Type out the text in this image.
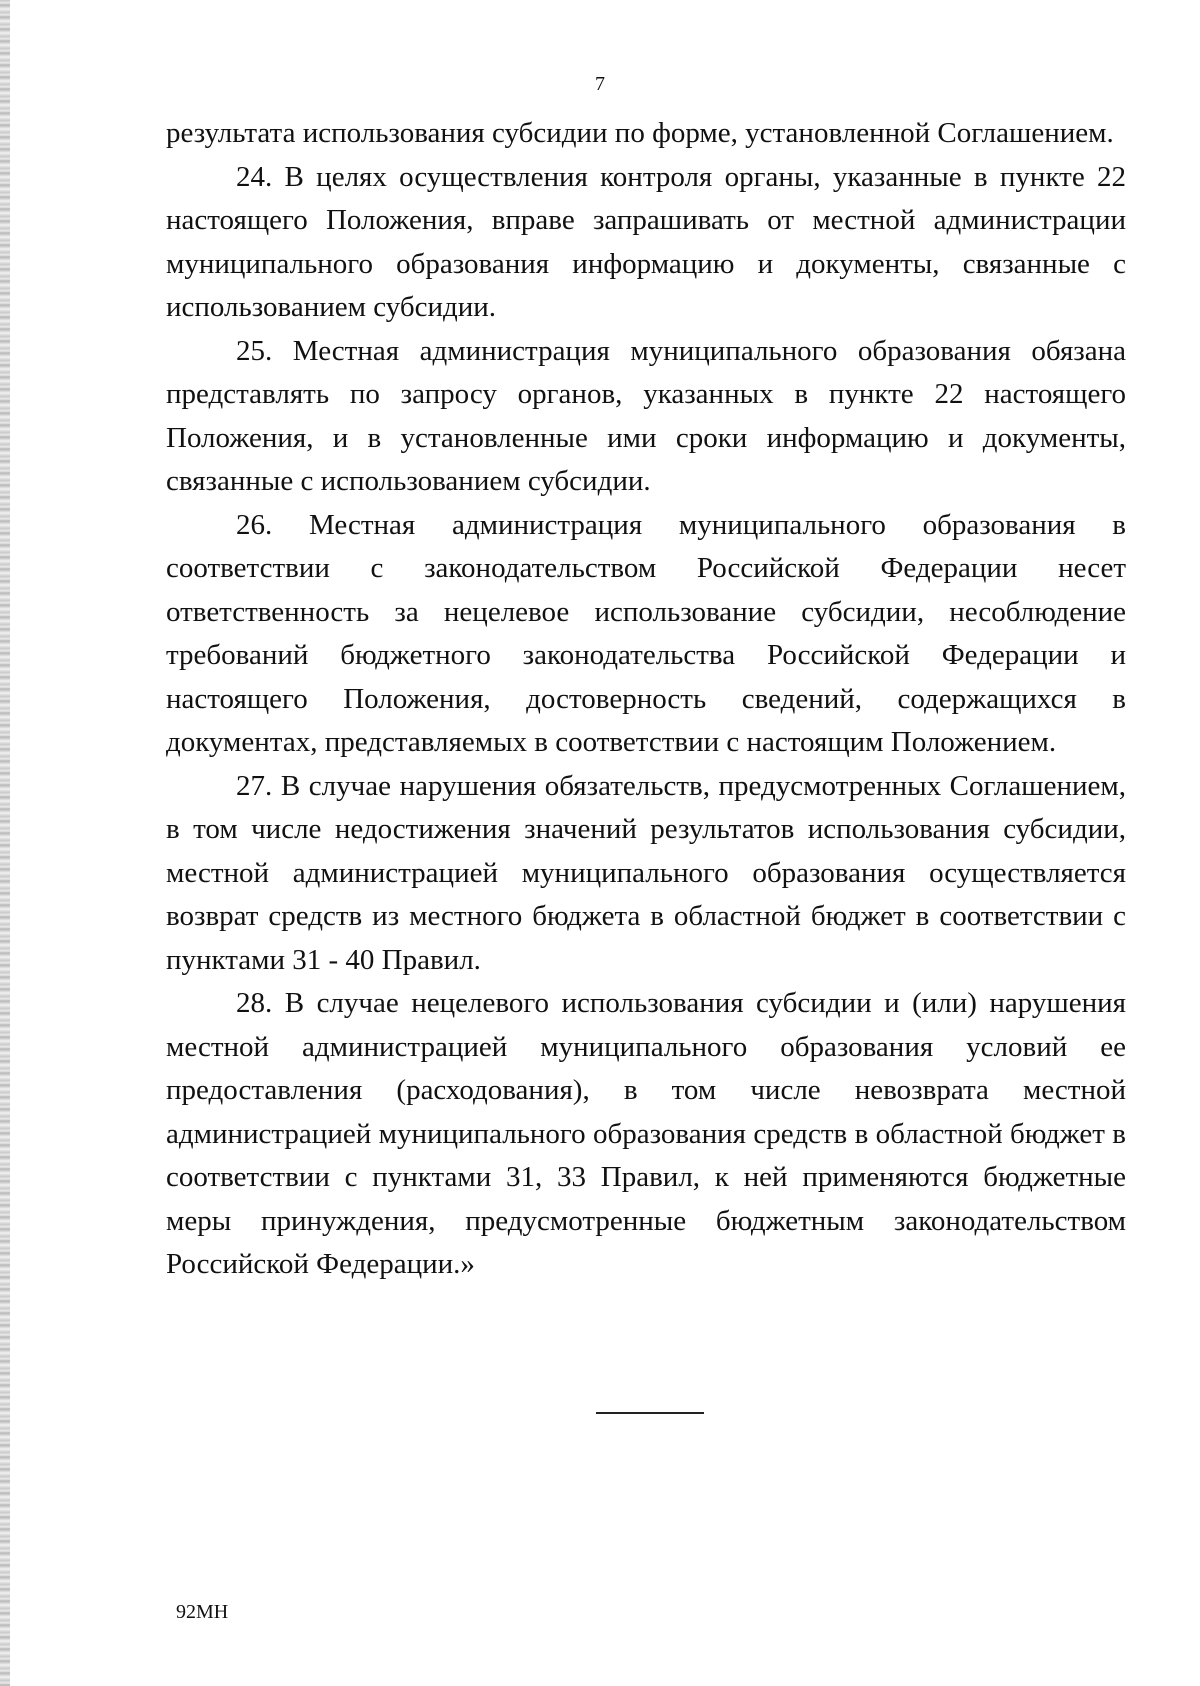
7

результата использования субсидии по форме, установленной Соглашением.

24. В целях осуществления контроля органы, указанные в пункте 22 настоящего Положения, вправе запрашивать от местной администрации муниципального образования информацию и документы, связанные с использованием субсидии.

25. Местная администрация муниципального образования обязана представлять по запросу органов, указанных в пункте 22 настоящего Положения, и в установленные ими сроки информацию и документы, связанные с использованием субсидии.

26. Местная администрация муниципального образования в соответствии с законодательством Российской Федерации несет ответственность за нецелевое использование субсидии, несоблюдение требований бюджетного законодательства Российской Федерации и настоящего Положения, достоверность сведений, содержащихся в документах, представляемых в соответствии с настоящим Положением.

27. В случае нарушения обязательств, предусмотренных Соглашением, в том числе недостижения значений результатов использования субсидии, местной администрацией муниципального образования осуществляется возврат средств из местного бюджета в областной бюджет в соответствии с пунктами 31 - 40 Правил.

28. В случае нецелевого использования субсидии и (или) нарушения местной администрацией муниципального образования условий ее предоставления (расходования), в том числе невозврата местной администрацией муниципального образования средств в областной бюджет в соответствии с пунктами 31, 33 Правил, к ней применяются бюджетные меры принуждения, предусмотренные бюджетным законодательством Российской Федерации.»

92МН
